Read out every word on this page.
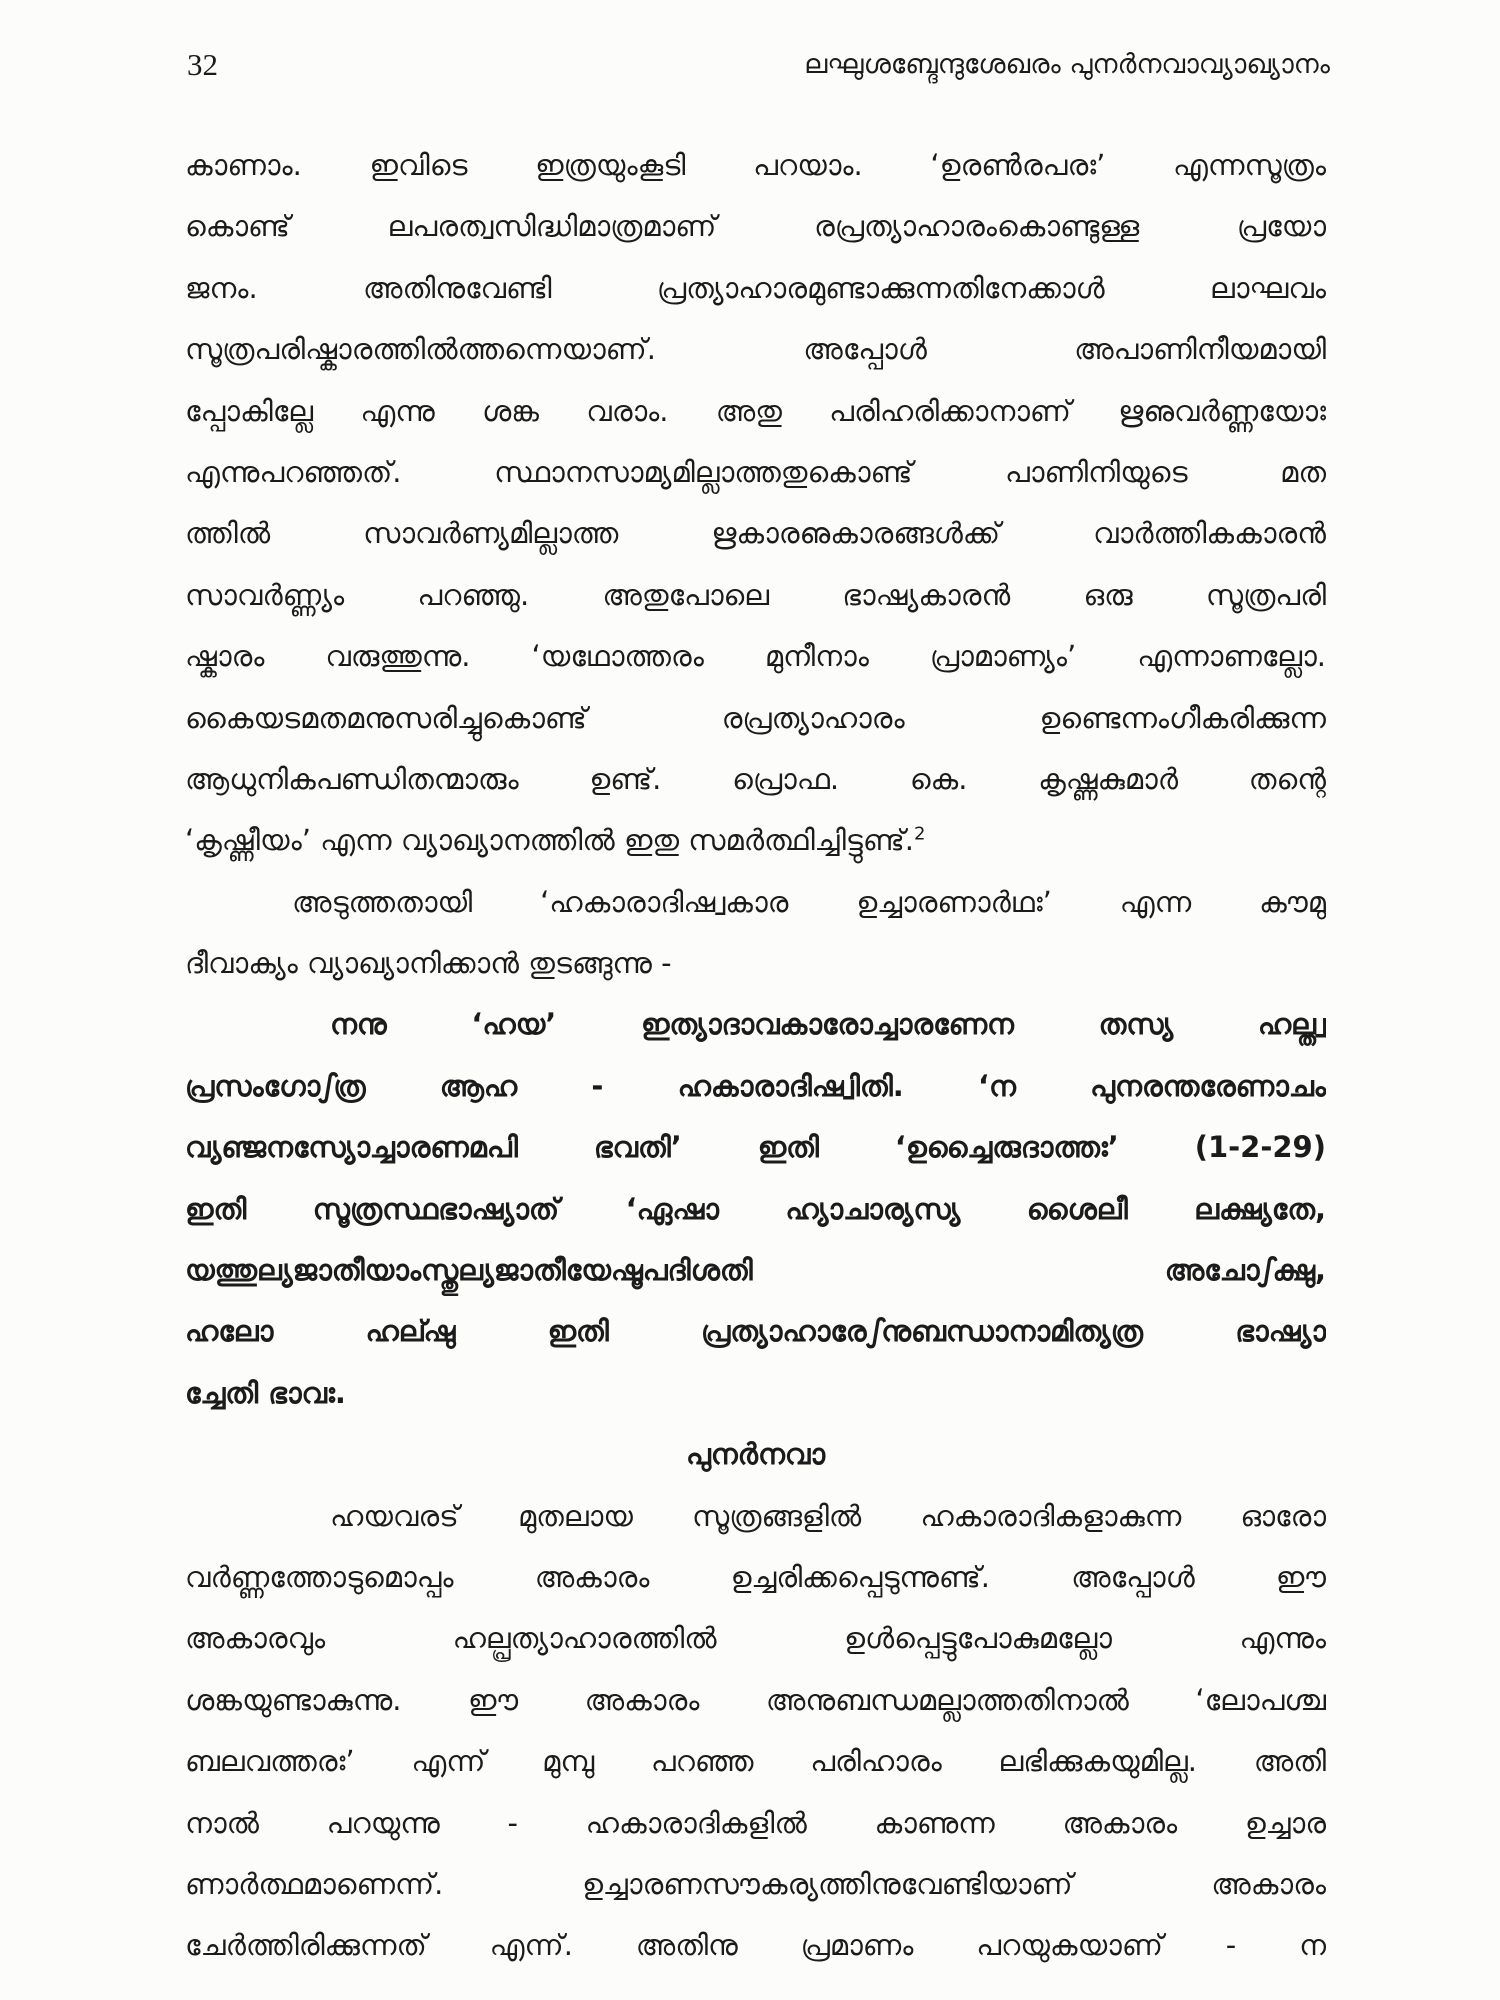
32	ലഘുശബ്ദേന്ദുശേഖരം പുനർനവാവ്യാഖ്യാനം
കാണാം. ഇവിടെ ഇത്രയുംകൂടി പറയാം. ‘ഉരൺരപരഃ’ എന്നസൂത്രം
കൊണ്ട് ലപരത്വസിദ്ധിമാത്രമാണ് രപ്രത്യാഹാരംകൊണ്ടുള്ള പ്രയോ
ജനം. അതിനുവേണ്ടി പ്രത്യാഹാരമുണ്ടാക്കുന്നതിനേക്കാൾ ലാഘവം
സൂത്രപരിഷ്കാരത്തിൽത്തന്നെയാണ്. അപ്പോൾ അപാണിനീയമായി
പ്പോകില്ലേ എന്നു ശങ്ക വരാം. അതു പരിഹരിക്കാനാണ് ഋഌവർണ്ണയോഃ
എന്നുപറഞ്ഞത്. സ്ഥാനസാമ്യമില്ലാത്തതുകൊണ്ട് പാണിനിയുടെ മത
ത്തിൽ സാവർണ്യമില്ലാത്ത ഋകാരഌകാരങ്ങൾക്ക് വാർത്തികകാരൻ
സാവർണ്ണ്യം പറഞ്ഞു. അതുപോലെ ഭാഷ്യകാരൻ ഒരു സൂത്രപരി
ഷ്കാരം വരുത്തുന്നു. ‘യഥോത്തരം മുനീനാം പ്രാമാണ്യം’ എന്നാണല്ലോ.
കൈയടമതമനുസരിച്ചുകൊണ്ട് രപ്രത്യാഹാരം ഉണ്ടെന്നംഗീകരിക്കുന്ന
ആധുനികപണ്ഡിതന്മാരും ഉണ്ട്. പ്രൊഫ. കെ. കൃഷ്ണകുമാർ തന്റെ
‘കൃഷ്ണീയം’ എന്ന വ്യാഖ്യാനത്തിൽ ഇതു സമർത്ഥിച്ചിട്ടുണ്ട്.$^2$
അടുത്തതായി ‘ഹകാരാദിഷ്വകാര ഉച്ചാരണാർഥഃ’ എന്ന കൗമു
ദീവാക്യം വ്യാഖ്യാനിക്കാൻ തുടങ്ങുന്നു -
നനു ‘ഹയ’ ഇത്യാദാവകാരോച്ചാരണേന തസ്യ ഹല്ത്വ
പ്രസംഗോഽത്ര ആഹ - ഹകാരാദിഷ്വിതി. ‘ന പുനരന്തരേണാചം
വ്യഞ്ജനസ്യോച്ചാരണമപി ഭവതി’ ഇതി ‘ഉച്ചൈരുദാത്തഃ’ (1-2-29)
ഇതി സൂത്രസ്ഥഭാഷ്യാത് ‘ഏഷാ ഹ്യാചാര്യസ്യ ശൈലീ ലക്ഷ്യതേ,
യത്തുല്യജാതീയാംസ്തുല്യജാതീയേഷൂപദിശതി അചോഽക്ഷു,
ഹലോ ഹല്ഷു ഇതി പ്രത്യാഹാരേഽനുബന്ധാനാമിത്യത്ര ഭാഷ്യാ
ച്ചേതി ഭാവഃ.
പുനർനവാ
ഹയവരട് മുതലായ സൂത്രങ്ങളിൽ ഹകാരാദികളാകുന്ന ഓരോ
വർണ്ണത്തോടുമൊപ്പം അകാരം ഉച്ചരിക്കപ്പെടുന്നുണ്ട്. അപ്പോൾ ഈ
അകാരവും ഹല്പ്രത്യാഹാരത്തിൽ ഉൾപ്പെട്ടുപോകുമല്ലോ എന്നും
ശങ്കയുണ്ടാകുന്നു. ഈ അകാരം അനുബന്ധമല്ലാത്തതിനാൽ ‘ലോപശ്ച
ബലവത്തരഃ’ എന്ന് മുമ്പു പറഞ്ഞ പരിഹാരം ലഭിക്കുകയുമില്ല. അതി
നാൽ പറയുന്നു - ഹകാരാദികളിൽ കാണുന്ന അകാരം ഉച്ചാര
ണാർത്ഥമാണെന്ന്. ഉച്ചാരണസൗകര്യത്തിനുവേണ്ടിയാണ് അകാരം
ചേർത്തിരിക്കുന്നത് എന്ന്. അതിനു പ്രമാണം പറയുകയാണ് - ന
